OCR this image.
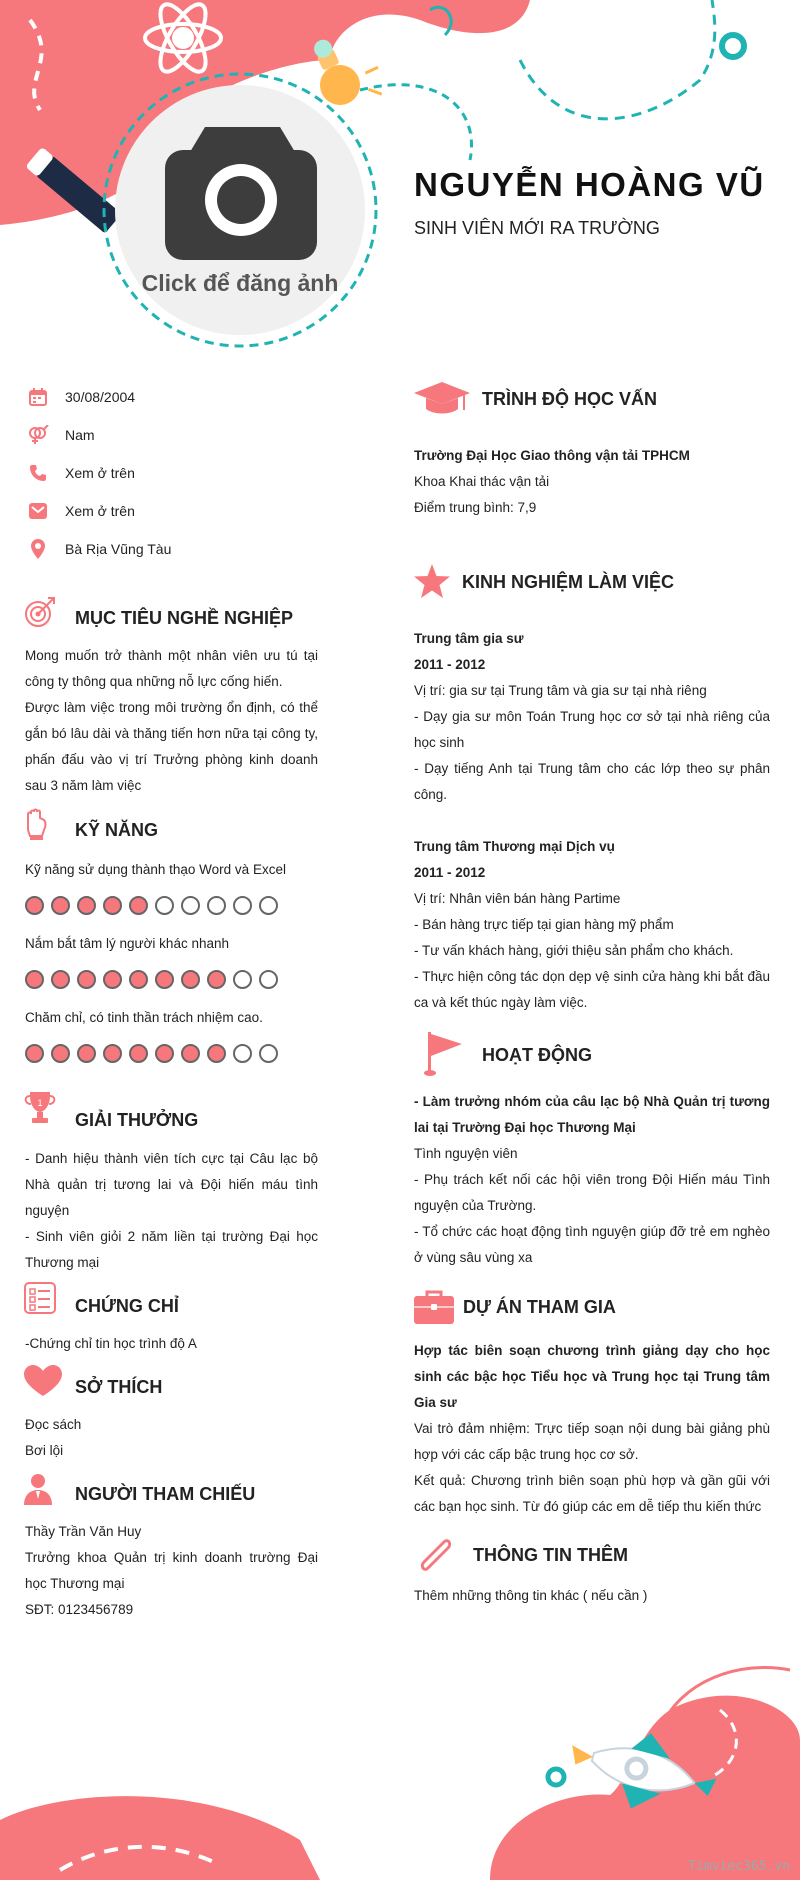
Click để đăng ảnh
NGUYỄN HOÀNG VŨ
SINH VIÊN MỚI RA TRƯỜNG
30/08/2004
Nam
Xem ở trên
Xem ở trên
Bà Rịa Vũng Tàu
MỤC TIÊU NGHỀ NGHIỆP

Mong muốn trở thành một nhân viên ưu tú tại công ty thông qua những nỗ lực cống hiến.

Được làm việc trong môi trường ổn định, có thể gắn bó lâu dài và thăng tiến hơn nữa tại công ty, phấn đấu vào vị trí Trưởng phòng kinh doanh sau 3 năm làm việc

KỸ NĂNG
Kỹ năng sử dụng thành thạo Word và Excel
Nắm bắt tâm lý người khác nhanh
Chăm chỉ, có tinh thần trách nhiệm cao.
1
GIẢI THƯỞNG

- Danh hiệu thành viên tích cực tại Câu lạc bộ Nhà quản trị tương lai và Đội hiến máu tình nguyện

- Sinh viên giỏi 2 năm liền tại trường Đại học Thương mại

CHỨNG CHỈ

-Chứng chỉ tin học trình độ A

SỞ THÍCH

Đọc sách

Bơi lội

NGƯỜI THAM CHIẾU

Thầy Trần Văn Huy

Trưởng khoa Quản trị kinh doanh trường Đại học Thương mại

SĐT: 0123456789

TRÌNH ĐỘ HỌC VẤN

Trường Đại Học Giao thông vận tải TPHCM

Khoa Khai thác vận tải

Điểm trung bình: 7,9

KINH NGHIỆM LÀM VIỆC

Trung tâm gia sư

2011 - 2012

Vị trí: gia sư tại Trung tâm và gia sư tại nhà riêng

- Dạy gia sư môn Toán Trung học cơ sở tại nhà riêng của học sinh

- Dạy tiếng Anh tại Trung tâm cho các lớp theo sự phân công.

Trung tâm Thương mại Dịch vụ

2011 - 2012

Vị trí: Nhân viên bán hàng Partime

- Bán hàng trực tiếp tại gian hàng mỹ phẩm

- Tư vấn khách hàng, giới thiệu sản phẩm cho khách.

- Thực hiện công tác dọn dẹp vệ sinh cửa hàng khi bắt đầu ca và kết thúc ngày làm việc.

HOẠT ĐỘNG

- Làm trưởng nhóm của câu lạc bộ Nhà Quản trị tương lai tại Trường Đại học Thương Mại

Tình nguyện viên

- Phụ trách kết nối các hội viên trong Đội Hiến máu Tình nguyện của Trường.

- Tổ chức các hoạt động tình nguyện giúp đỡ trẻ em nghèo ở vùng sâu vùng xa

DỰ ÁN THAM GIA

Hợp tác biên soạn chương trình giảng dạy cho học sinh các bậc học Tiểu học và Trung học tại Trung tâm Gia sư

Vai trò đảm nhiệm: Trực tiếp soạn nội dung bài giảng phù hợp với các cấp bậc trung học cơ sở.

Kết quả: Chương trình biên soạn phù hợp và gần gũi với các bạn học sinh. Từ đó giúp các em dễ tiếp thu kiến thức

THÔNG TIN THÊM

Thêm những thông tin khác ( nếu cần )

Timviec365.vn
